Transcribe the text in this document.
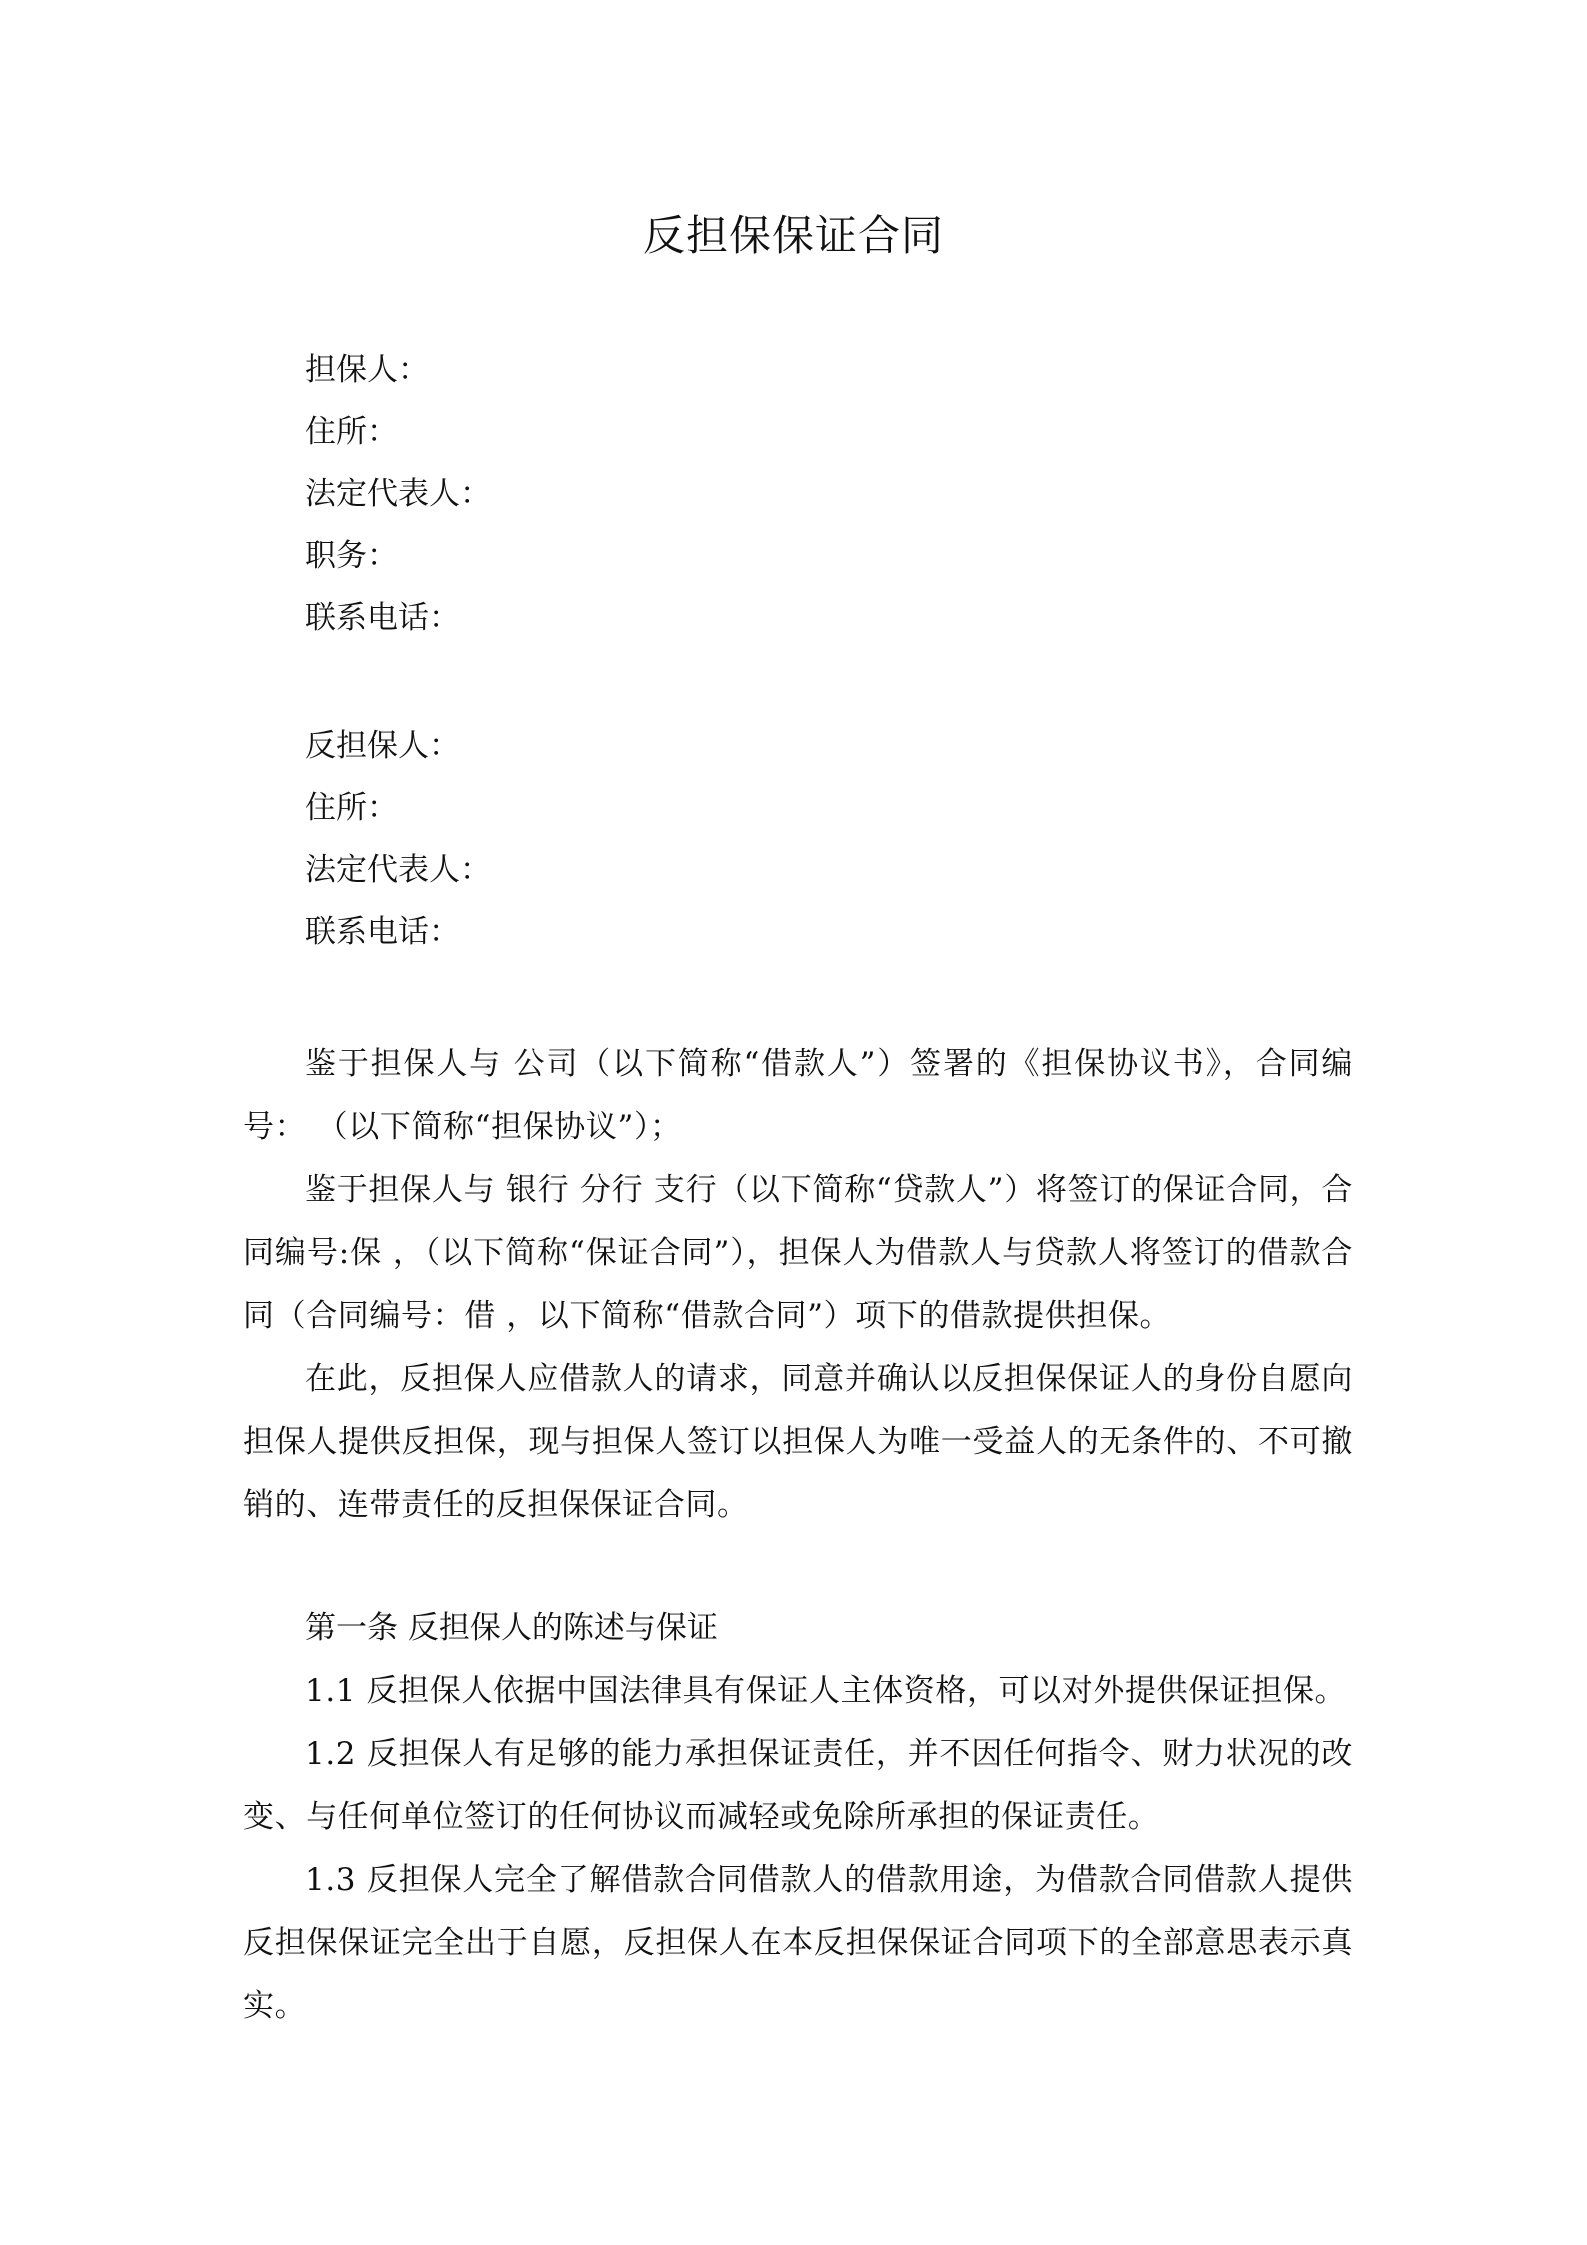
反担保保证合同
担保人：
住所：
法定代表人：
职务：
联系电话：
反担保人：
住所：
法定代表人：
联系电话：

鉴于担保人与 公司（以下简称“借款人”）签署的《担保协议书》，合同编号： （以下简称“担保协议”）；

鉴于担保人与 银行 分行 支行（以下简称“贷款人”）将签订的保证合同，合同编号:保 ，（以下简称“保证合同”），担保人为借款人与贷款人将签订的借款合同（合同编号：借 ，以下简称“借款合同”）项下的借款提供担保。

在此，反担保人应借款人的请求，同意并确认以反担保保证人的身份自愿向担保人提供反担保，现与担保人签订以担保人为唯一受益人的无条件的、不可撤销的、连带责任的反担保保证合同。

第一条 反担保人的陈述与保证

1.1 反担保人依据中国法律具有保证人主体资格，可以对外提供保证担保。

1.2 反担保人有足够的能力承担保证责任，并不因任何指令、财力状况的改变、与任何单位签订的任何协议而减轻或免除所承担的保证责任。

1.3 反担保人完全了解借款合同借款人的借款用途，为借款合同借款人提供反担保保证完全出于自愿，反担保人在本反担保保证合同项下的全部意思表示真实。
